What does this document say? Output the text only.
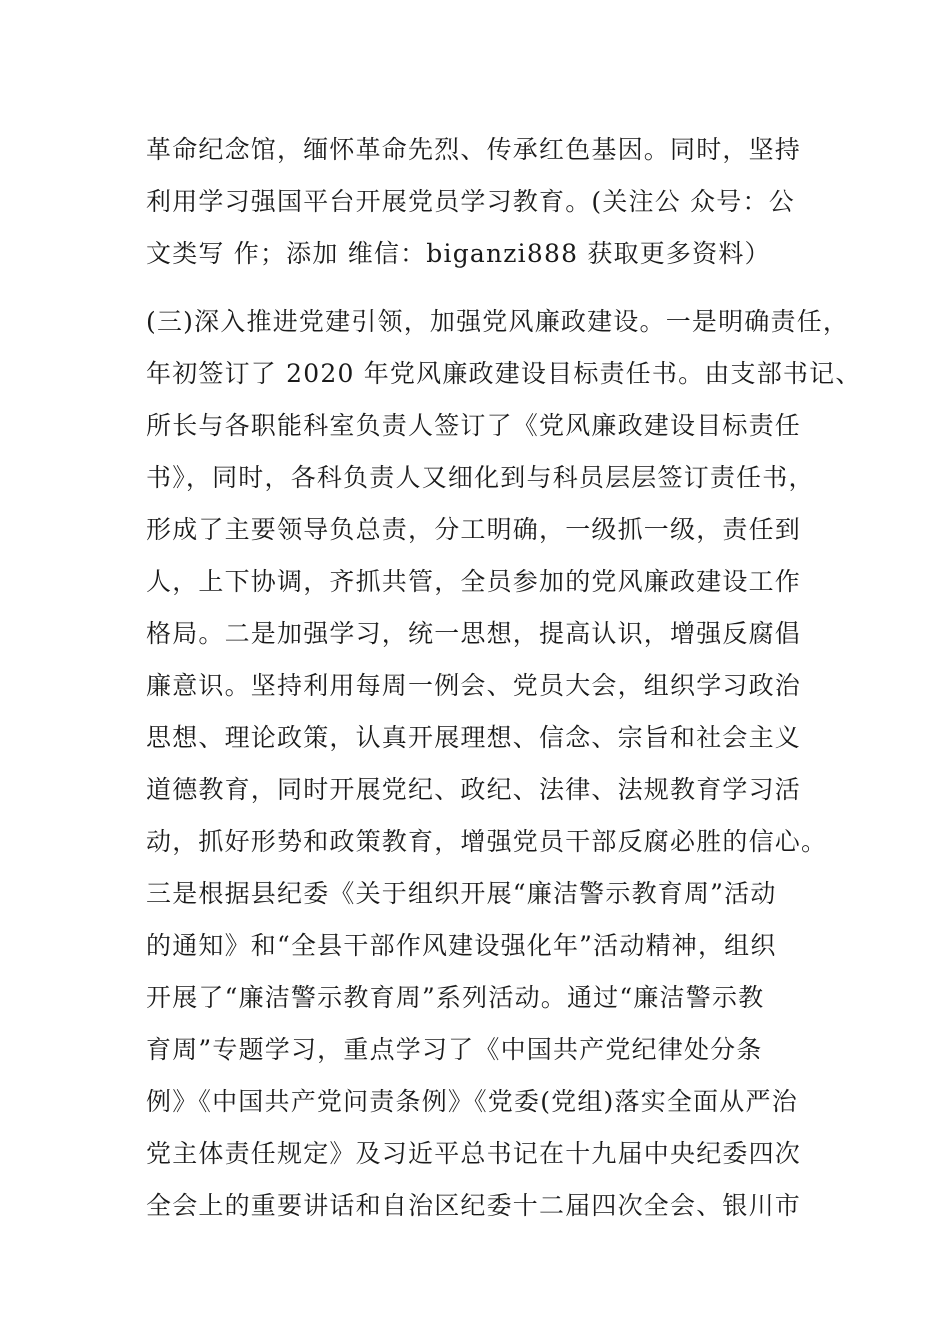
革命纪念馆，缅怀革命先烈、传承红色基因。同时，坚持
利用学习强国平台开展党员学习教育。(关注公 众号：公
文类写 作；添加 维信：biganzi888 获取更多资料）
(三)深入推进党建引领，加强党风廉政建设。一是明确责任，
年初签订了 2020 年党风廉政建设目标责任书。由支部书记、
所长与各职能科室负责人签订了《党风廉政建设目标责任
书》，同时，各科负责人又细化到与科员层层签订责任书，
形成了主要领导负总责，分工明确，一级抓一级，责任到
人，上下协调，齐抓共管，全员参加的党风廉政建设工作
格局。二是加强学习，统一思想，提高认识，增强反腐倡
廉意识。坚持利用每周一例会、党员大会，组织学习政治
思想、理论政策，认真开展理想、信念、宗旨和社会主义
道德教育，同时开展党纪、政纪、法律、法规教育学习活
动，抓好形势和政策教育，增强党员干部反腐必胜的信心。
三是根据县纪委《关于组织开展“廉洁警示教育周”活动
的通知》和“全县干部作风建设强化年”活动精神，组织
开展了“廉洁警示教育周”系列活动。通过“廉洁警示教
育周”专题学习，重点学习了《中国共产党纪律处分条
例》《中国共产党问责条例》《党委(党组)落实全面从严治
党主体责任规定》及习近平总书记在十九届中央纪委四次
全会上的重要讲话和自治区纪委十二届四次全会、银川市
